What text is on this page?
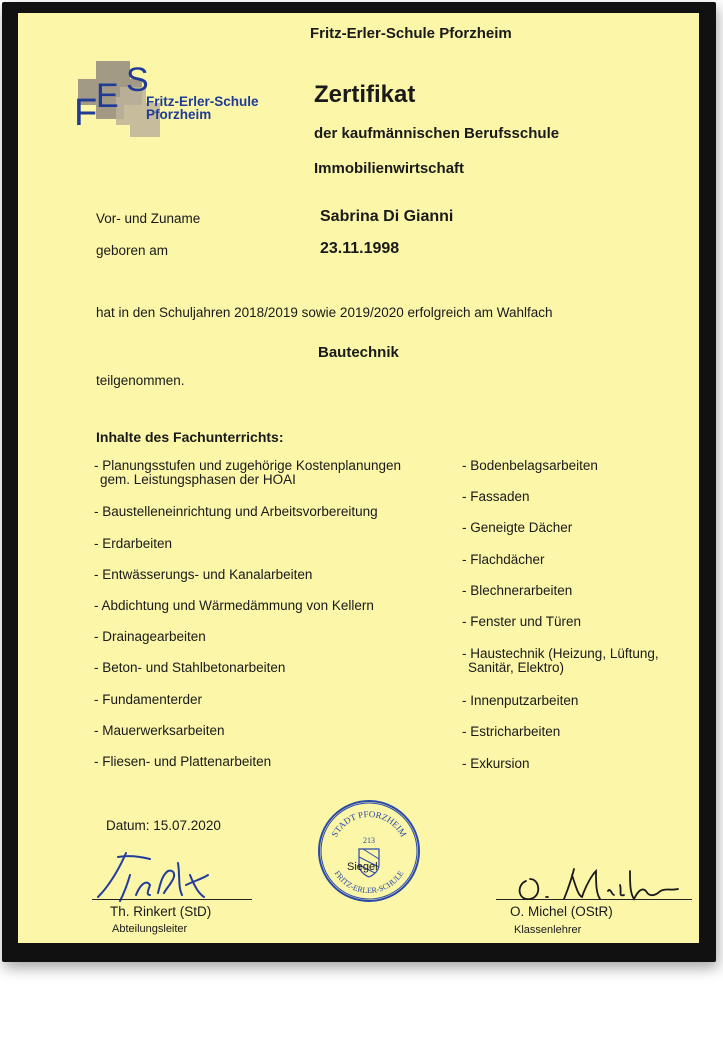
Fritz-Erler-Schule Pforzheim
F
E S
Fritz-Erler-Schule
Pforzheim
Zertifikat
der kaufmännischen Berufsschule
Immobilienwirtschaft
Vor- und Zuname	Sabrina Di Gianni
geboren am	23.11.1998
hat in den Schuljahren 2018/2019 sowie 2019/2020 erfolgreich am Wahlfach
Bautechnik
teilgenommen.
Inhalte des Fachunterrichts:
- Planungsstufen und zugehörige Kostenplanungen
gem. Leistungsphasen der HOAI
- Baustelleneinrichtung und Arbeitsvorbereitung
- Erdarbeiten
- Entwässerungs- und Kanalarbeiten
- Abdichtung und Wärmedämmung von Kellern
- Drainagearbeiten
- Beton- und Stahlbetonarbeiten
- Fundamenterder
- Mauerwerksarbeiten
- Fliesen- und Plattenarbeiten
- Bodenbelagsarbeiten
- Fassaden
- Geneigte Dächer
- Flachdächer
- Blechnerarbeiten
- Fenster und Türen
- Haustechnik (Heizung, Lüftung,
Sanitär, Elektro)
- Innenputzarbeiten
- Estricharbeiten
- Exkursion
Datum: 15.07.2020
Th. Rinkert (StD)
Abteilungsleiter
STADT PFORZHEIM
FRITZ-ERLER-SCHULE
213
Siegel
O. Michel (OStR)
Klassenlehrer
